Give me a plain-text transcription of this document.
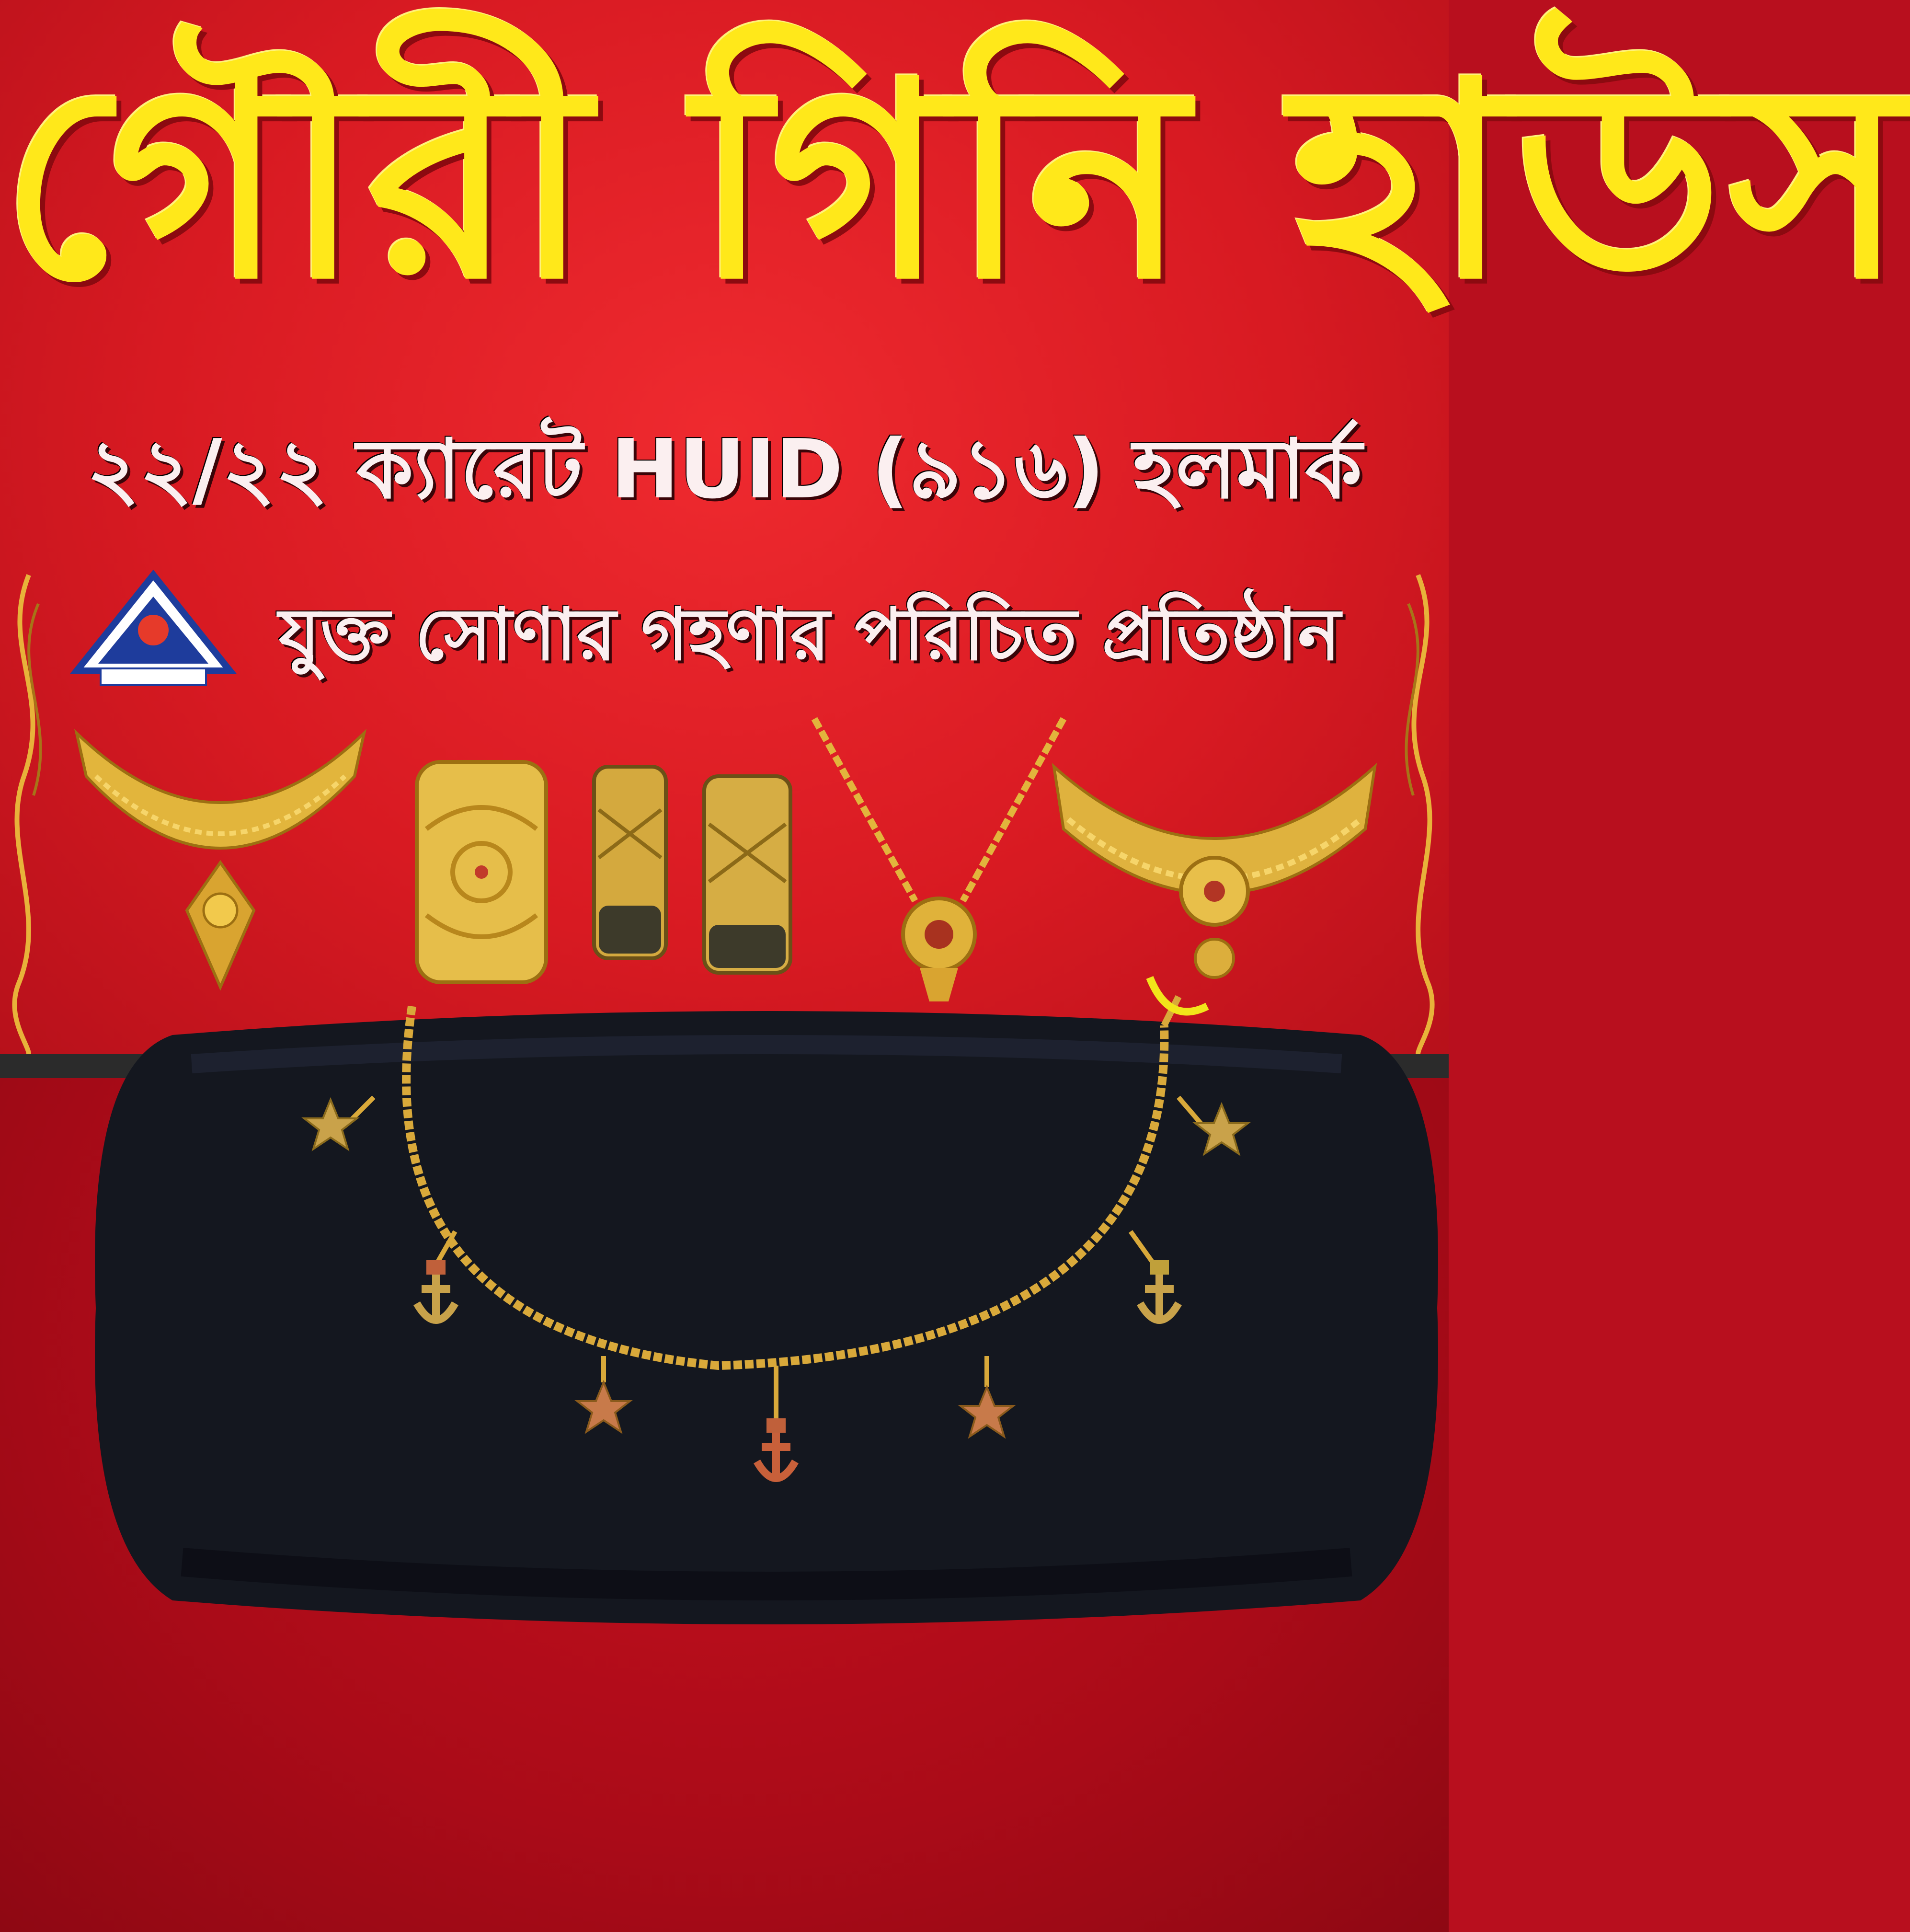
গৌরী গিনি হাউস
২২/২২ ক্যারেট HUID (৯১৬) হলমার্ক
যুক্ত সোণার গহণার পরিচিত প্রতিষ্ঠান
